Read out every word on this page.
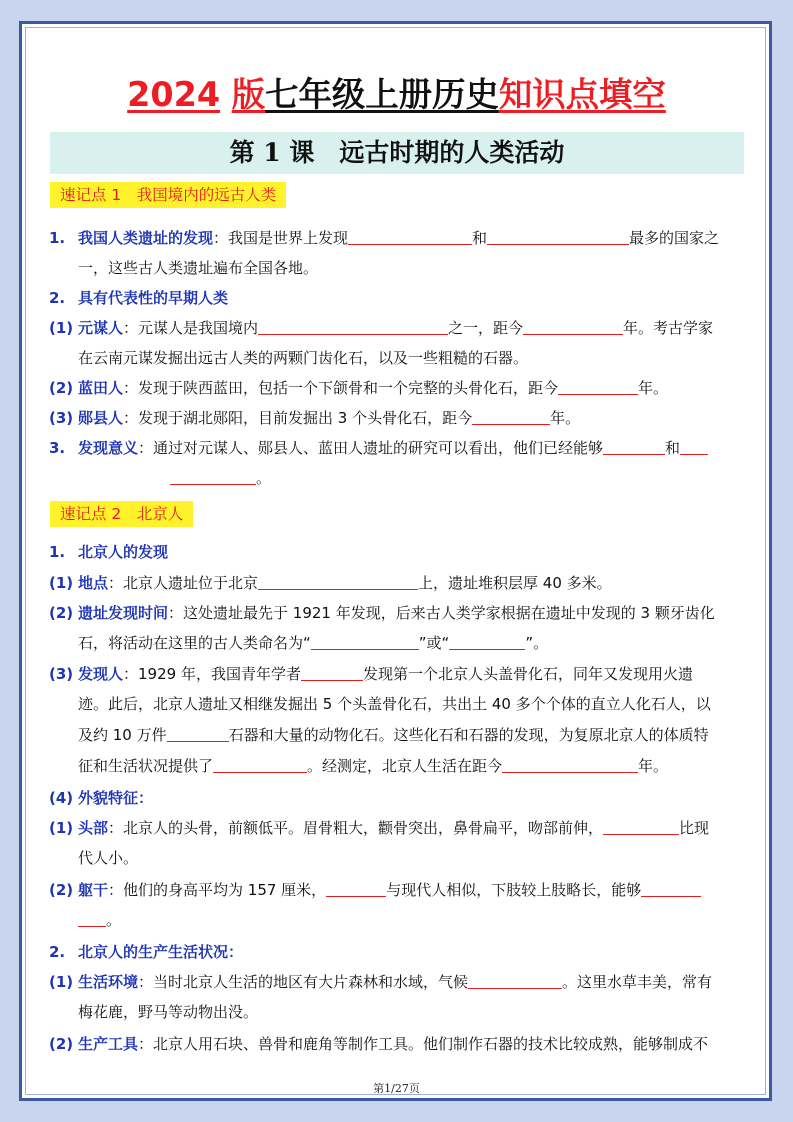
2024 版七年级上册历史知识点填空
第 1 课　远古时期的人类活动
速记点 1　我国境内的远古人类
1. 我国人类遗址的发现：我国是世界上发现	和	最多的国家之
一，这些古人类遗址遍布全国各地。
2. 具有代表性的早期人类
(1) 元谋人：元谋人是我国境内	之一，距今	年。考古学家
在云南元谋发掘出远古人类的两颗门齿化石，以及一些粗糙的石器。
(2) 蓝田人：发现于陕西蓝田，包括一个下颌骨和一个完整的头骨化石，距今	年。
(3) 郧县人：发现于湖北郧阳，目前发掘出 3 个头骨化石，距今	年。
3. 发现意义：通过对元谋人、郧县人、蓝田人遗址的研究可以看出，他们已经能够	和
。
速记点 2　北京人
1. 北京人的发现
(1) 地点：北京人遗址位于北京	上，遗址堆积层厚 40 多米。
(2) 遗址发现时间：这处遗址最先于 1921 年发现，后来古人类学家根据在遗址中发现的 3 颗牙齿化
石，将活动在这里的古人类命名为“	”或“	”。
(3) 发现人：1929 年，我国青年学者	发现第一个北京人头盖骨化石，同年又发现用火遗
迹。此后，北京人遗址又相继发掘出 5 个头盖骨化石，共出土 40 多个个体的直立人化石人，以
及约 10 万件	石器和大量的动物化石。这些化石和石器的发现，为复原北京人的体质特
征和生活状况提供了	。经测定，北京人生活在距今	年。
(4) 外貌特征：
(1) 头部：北京人的头骨，前额低平。眉骨粗大，颧骨突出，鼻骨扁平，吻部前伸，	比现
代人小。
(2) 躯干：他们的身高平均为 157 厘米，	与现代人相似，下肢较上肢略长，能够
。
2. 北京人的生产生活状况：
(1) 生活环境：当时北京人生活的地区有大片森林和水域，气候	。这里水草丰美，常有
梅花鹿，野马等动物出没。
(2) 生产工具：北京人用石块、兽骨和鹿角等制作工具。他们制作石器的技术比较成熟，能够制成不
第1/27页
